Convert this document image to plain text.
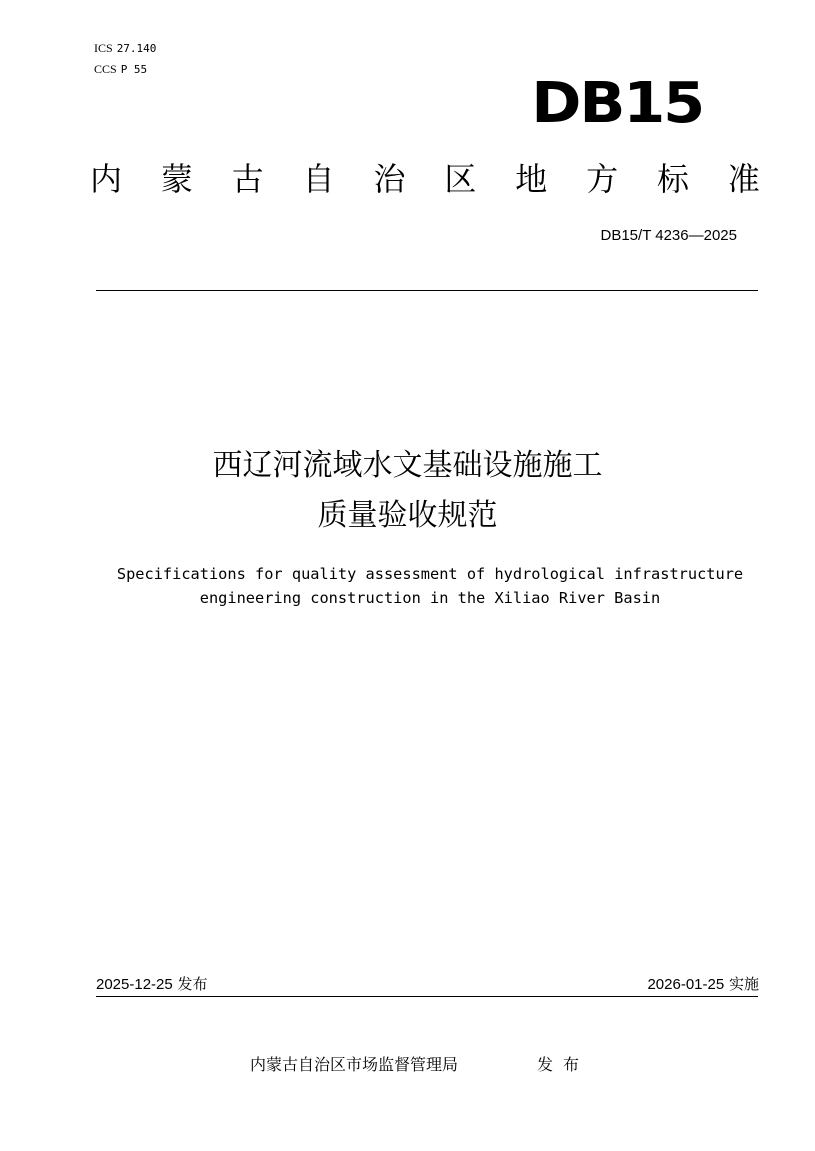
ICS 27.140
CCS P 55
DB15
内 蒙 古 自 治 区 地 方 标 准
DB15/T 4236—2025
西辽河流域水文基础设施施工
质量验收规范
Specifications for quality assessment of hydrological infrastructure
engineering construction in the Xiliao River Basin
2025-12-25 发布	2026-01-25 实施
内蒙古自治区市场监督管理局	发布
